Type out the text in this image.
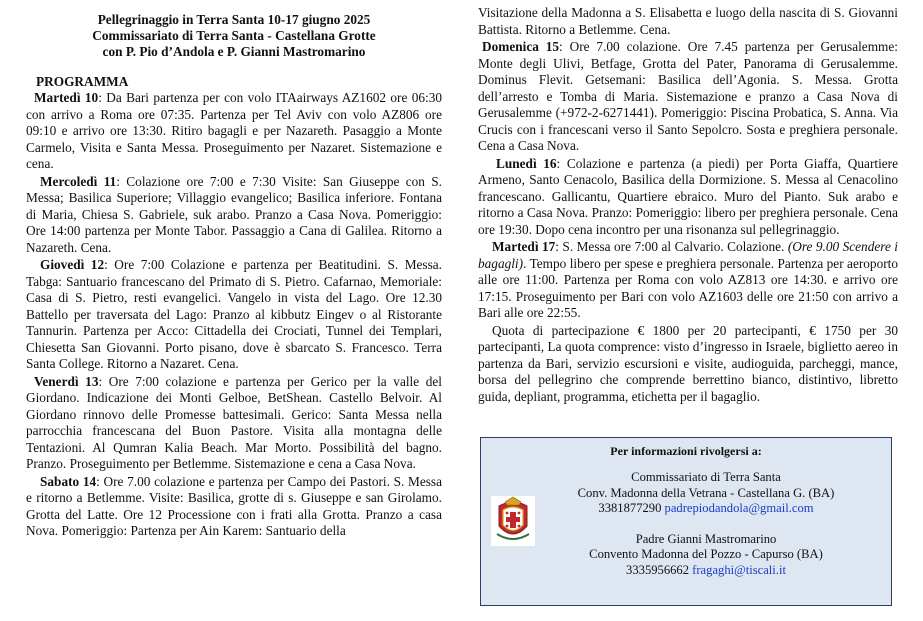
Pellegrinaggio in Terra Santa 10-17 giugno 2025
Commissariato di Terra Santa - Castellana Grotte
con P. Pio d’Andola e P. Gianni Mastromarino
PROGRAMMA

Martedì 10: Da Bari partenza per con volo ITAairways AZ1602 ore 06:30 con arrivo a Roma ore 07:35. Partenza per Tel Aviv con volo AZ806 ore 09:10 e arrivo ore 13:30. Ritiro bagagli e per Nazareth. Pasaggio a Monte Carmelo, Visita e Santa Messa. Proseguimento per Nazaret. Sistemazione e cena.

Mercoledì 11: Colazione ore 7:00 e 7:30 Visite: San Giuseppe con S. Messa; Basilica Superiore; Villaggio evangelico; Basilica inferiore. Fontana di Maria, Chiesa S. Gabriele, suk arabo. Pranzo a Casa Nova. Pomeriggio: Ore 14:00 partenza per Monte Tabor. Passaggio a Cana di Galilea. Ritorno a Nazareth. Cena.

Giovedì 12: Ore 7:00 Colazione e partenza per Beatitudini. S. Messa. Tabga: Santuario francescano del Primato di S. Pietro. Cafarnao, Memoriale: Casa di S. Pietro, resti evangelici. Vangelo in vista del Lago. Ore 12.30 Battello per traversata del Lago: Pranzo al kibbutz Eingev o al Ristorante Tannurin. Partenza per Acco: Cittadella dei Crociati, Tunnel dei Templari, Chiesetta San Giovanni. Porto pisano, dove è sbarcato S. Francesco. Terra Santa College. Ritorno a Nazaret. Cena.

Venerdì 13: Ore 7:00 colazione e partenza per Gerico per la valle del Giordano. Indicazione dei Monti Gelboe, BetShean. Castello Belvoir. Al Giordano rinnovo delle Promesse battesimali. Gerico: Santa Messa nella parrocchia francescana del Buon Pastore. Visita alla montagna delle Tentazioni. Al Qumran Kalia Beach. Mar Morto. Possibilità del bagno. Pranzo. Proseguimento per Betlemme. Sistemazione e cena a Casa Nova.

Sabato 14: Ore 7.00 colazione e partenza per Campo dei Pastori. S. Messa e ritorno a Betlemme. Visite: Basilica, grotte di s. Giuseppe e san Girolamo. Grotta del Latte. Ore 12 Processione con i frati alla Grotta. Pranzo a casa Nova. Pomeriggio: Partenza per Ain Karem: Santuario della

Visitazione della Madonna a S. Elisabetta e luogo della nascita di S. Giovanni Battista. Ritorno a Betlemme. Cena.

Domenica 15: Ore 7.00 colazione. Ore 7.45 partenza per Gerusalemme: Monte degli Ulivi, Betfage, Grotta del Pater, Panorama di Gerusalemme. Dominus Flevit. Getsemani: Basilica dell’Agonia. S. Messa. Grotta dell’arresto e Tomba di Maria. Sistemazione e pranzo a Casa Nova di Gerusalemme (+972-2-6271441). Pomeriggio: Piscina Probatica, S. Anna. Via Crucis con i francescani verso il Santo Sepolcro. Sosta e preghiera personale. Cena a Casa Nova.

Lunedì 16: Colazione e partenza (a piedi) per Porta Giaffa, Quartiere Armeno, Santo Cenacolo, Basilica della Dormizione. S. Messa al Cenacolino francescano. Gallicantu, Quartiere ebraico. Muro del Pianto. Suk arabo e ritorno a Casa Nova. Pranzo: Pomeriggio: libero per preghiera personale. Cena ore 19:30. Dopo cena incontro per una risonanza sul pellegrinaggio.

Martedì 17: S. Messa ore 7:00 al Calvario. Colazione. (Ore 9.00 Scendere i bagagli). Tempo libero per spese e preghiera personale. Partenza per aeroporto alle ore 11:00. Partenza per Roma con volo AZ813 ore 14:30. e arrivo ore 17:15. Proseguimento per Bari con volo AZ1603 delle ore 21:50 con arrivo a Bari alle ore 22:55.

Quota di partecipazione € 1800 per 20 partecipanti, € 1750 per 30 partecipanti, La quota comprence: visto d’ingresso in Israele, biglietto aereo in partenza da Bari, servizio escursioni e visite, audioguida, parcheggi, mance, borsa del pellegrino che comprende berrettino bianco, distintivo, libretto guida, depliant, programma, etichetta per il bagaglio.

Per informazioni rivolgersi a:
Commissariato di Terra Santa
Conv. Madonna della Vetrana - Castellana G. (BA)
3381877290 padrepiodandola@gmail.com
Padre Gianni Mastromarino
Convento Madonna del Pozzo - Capurso (BA)
3335956662 fragaghi@tiscali.it
